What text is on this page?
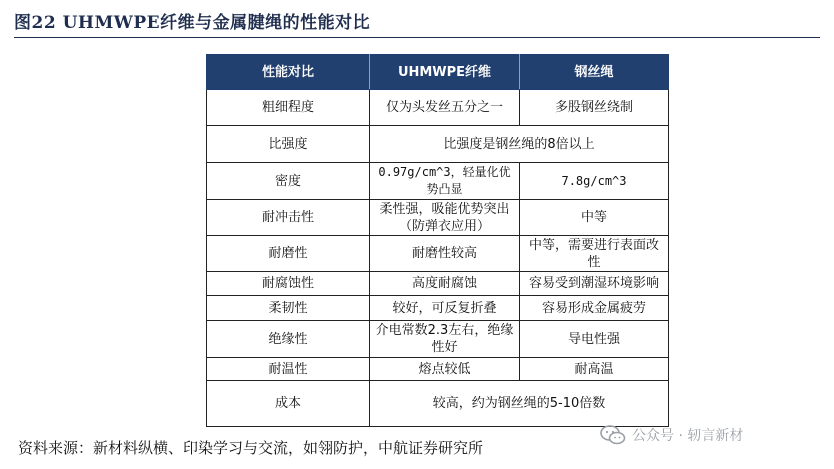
图22 UHMWPE纤维与金属腱绳的性能对比
性能对比	UHMWPE纤维	钢丝绳
粗细程度	仅为头发丝五分之一	多股钢丝绕制
比强度	比强度是钢丝绳的8倍以上	
密度	0.97g/cm^3，轻量化优势凸显	7.8g/cm^3
耐冲击性	柔性强，吸能优势突出（防弹衣应用）	中等
耐磨性	耐磨性较高	中等，需要进行表面改性
耐腐蚀性	高度耐腐蚀	容易受到潮湿环境影响
柔韧性	较好，可反复折叠	容易形成金属疲劳
绝缘性	介电常数2.3左右，绝缘性好	导电性强
耐温性	熔点较低	耐高温
成本	较高，约为钢丝绳的5-10倍数	
资料来源：新材料纵横、印染学习与交流，如翎防护，中航证券研究所
公众号 · 轫言新材
